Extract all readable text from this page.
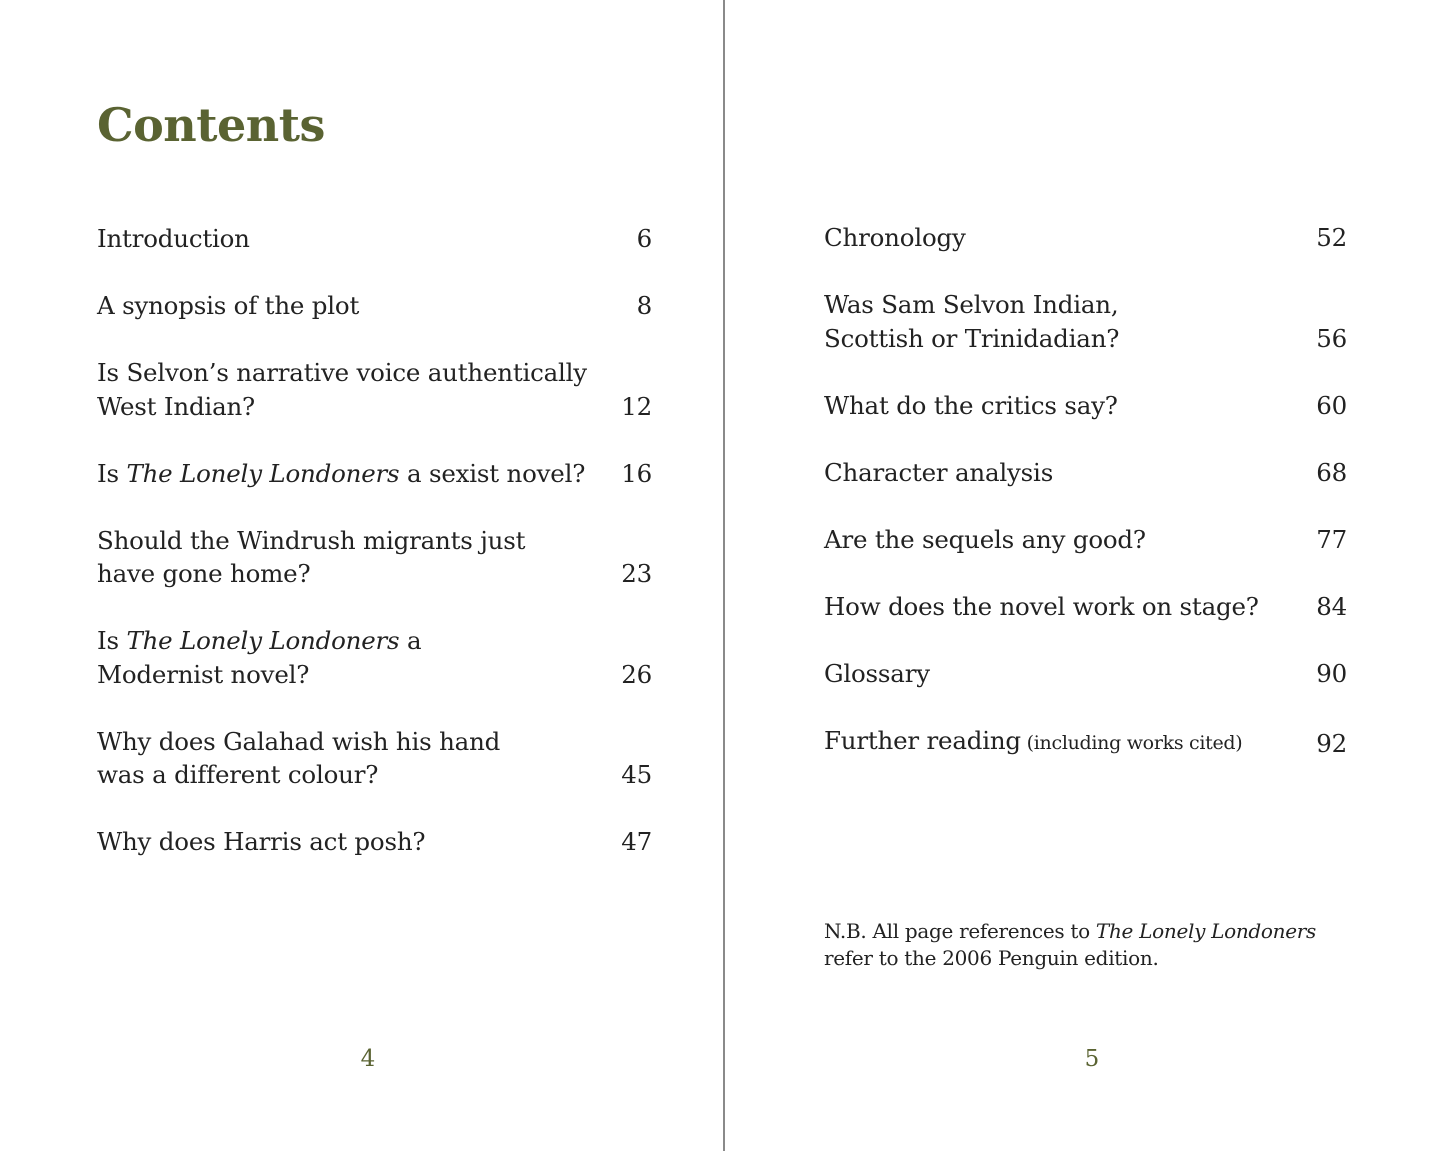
Contents
Introduction	6
A synopsis of the plot	8
Is Selvon’s narrative voice authentically
West Indian?	12
Is The Lonely Londoners a sexist novel?	16
Should the Windrush migrants just
have gone home?	23
Is The Lonely Londoners a
Modernist novel?	26
Why does Galahad wish his hand
was a different colour?	45
Why does Harris act posh?	47
4
Chronology	52
Was Sam Selvon Indian,
Scottish or Trinidadian?	56
What do the critics say?	60
Character analysis	68
Are the sequels any good?	77
How does the novel work on stage?	84
Glossary	90
Further reading (including works cited)	92

N.B. All page references to The Lonely Londoners refer to the 2006 Penguin edition.

5
